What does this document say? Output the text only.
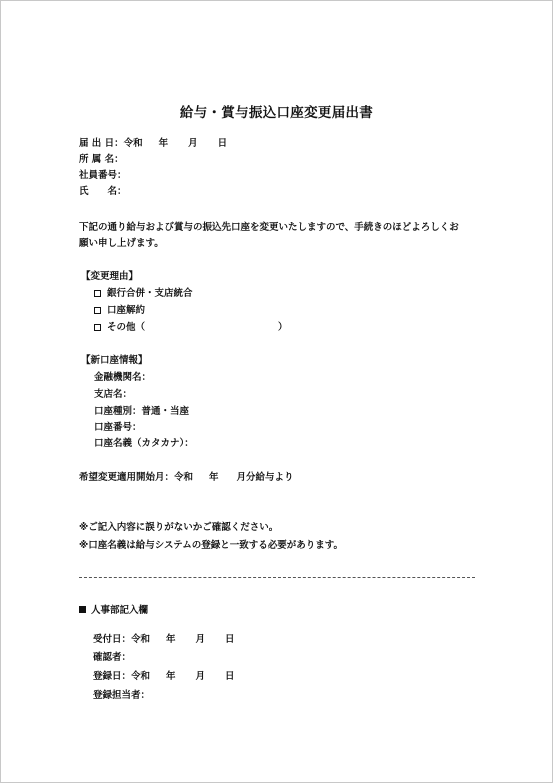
給与・賞与振込口座変更届出書
届 出 日：令和 年 月 日
所 属 名：
社員番号：
氏　　名：
下記の通り給与および賞与の振込先口座を変更いたしますので、手続きのほどよろしくお
願い申し上げます。
【変更理由】
銀行合併・支店統合
口座解約
その他（　　　　　　　　　　　　　　）
【新口座情報】
金融機関名：
支店名：
口座種別：普通・当座
口座番号：
口座名義（カタカナ）：
希望変更適用開始月：令和 年 月分給与より
※ご記入内容に誤りがないかご確認ください。
※口座名義は給与システムの登録と一致する必要があります。
人事部記入欄
受付日：令和 年 月 日
確認者：
登録日：令和 年 月 日
登録担当者：
